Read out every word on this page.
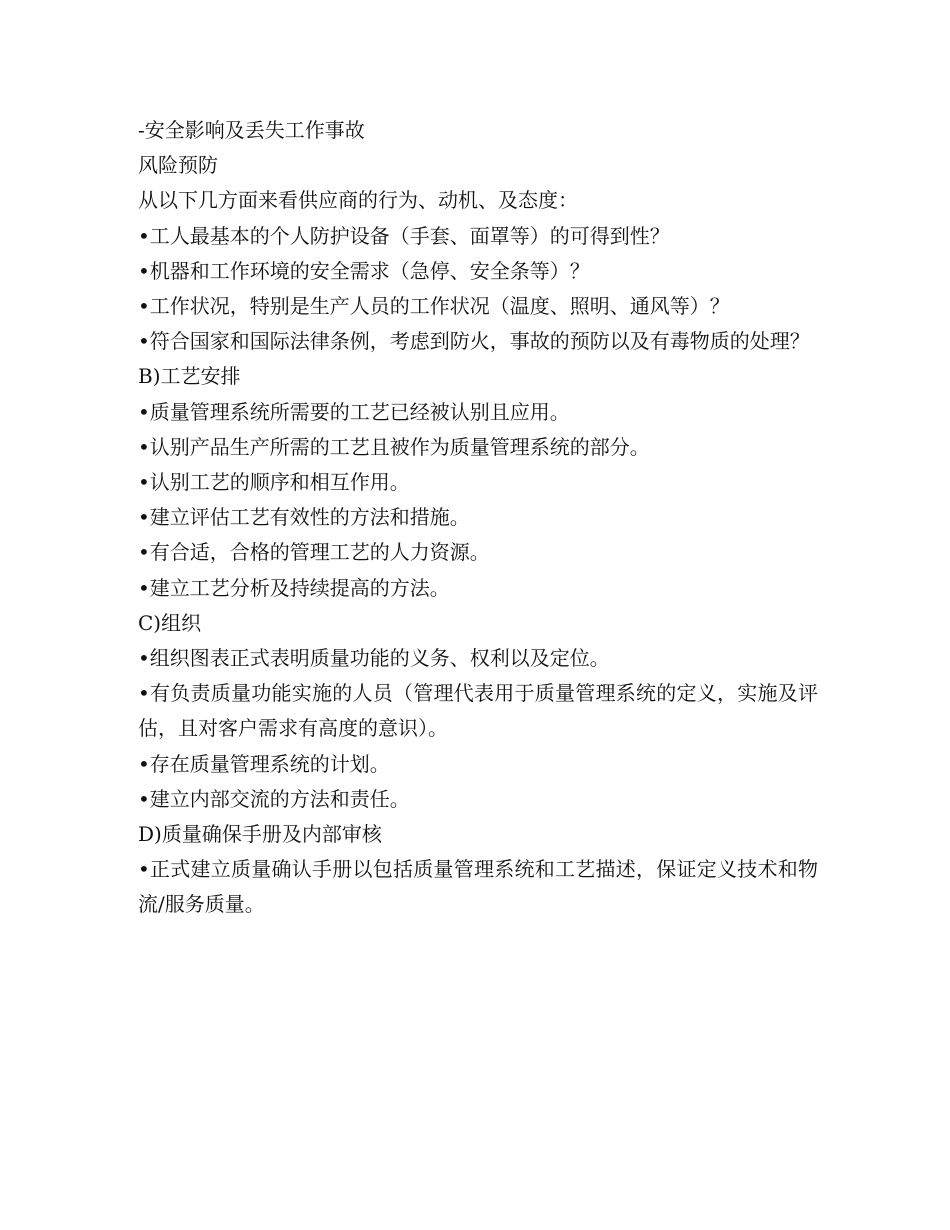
-安全影响及丢失工作事故
风险预防
从以下几方面来看供应商的行为、动机、及态度：
•工人最基本的个人防护设备（手套、面罩等）的可得到性？
•机器和工作环境的安全需求（急停、安全条等）？
•工作状况，特别是生产人员的工作状况（温度、照明、通风等）？
•符合国家和国际法律条例，考虑到防火，事故的预防以及有毒物质的处理？
B)工艺安排
•质量管理系统所需要的工艺已经被认别且应用。
•认别产品生产所需的工艺且被作为质量管理系统的部分。
•认别工艺的顺序和相互作用。
•建立评估工艺有效性的方法和措施。
•有合适，合格的管理工艺的人力资源。
•建立工艺分析及持续提高的方法。
C)组织
•组织图表正式表明质量功能的义务、权利以及定位。
•有负责质量功能实施的人员（管理代表用于质量管理系统的定义，实施及评估，且对客户需求有高度的意识）。
•存在质量管理系统的计划。
•建立内部交流的方法和责任。
D)质量确保手册及内部审核
•正式建立质量确认手册以包括质量管理系统和工艺描述，保证定义技术和物流/服务质量。
